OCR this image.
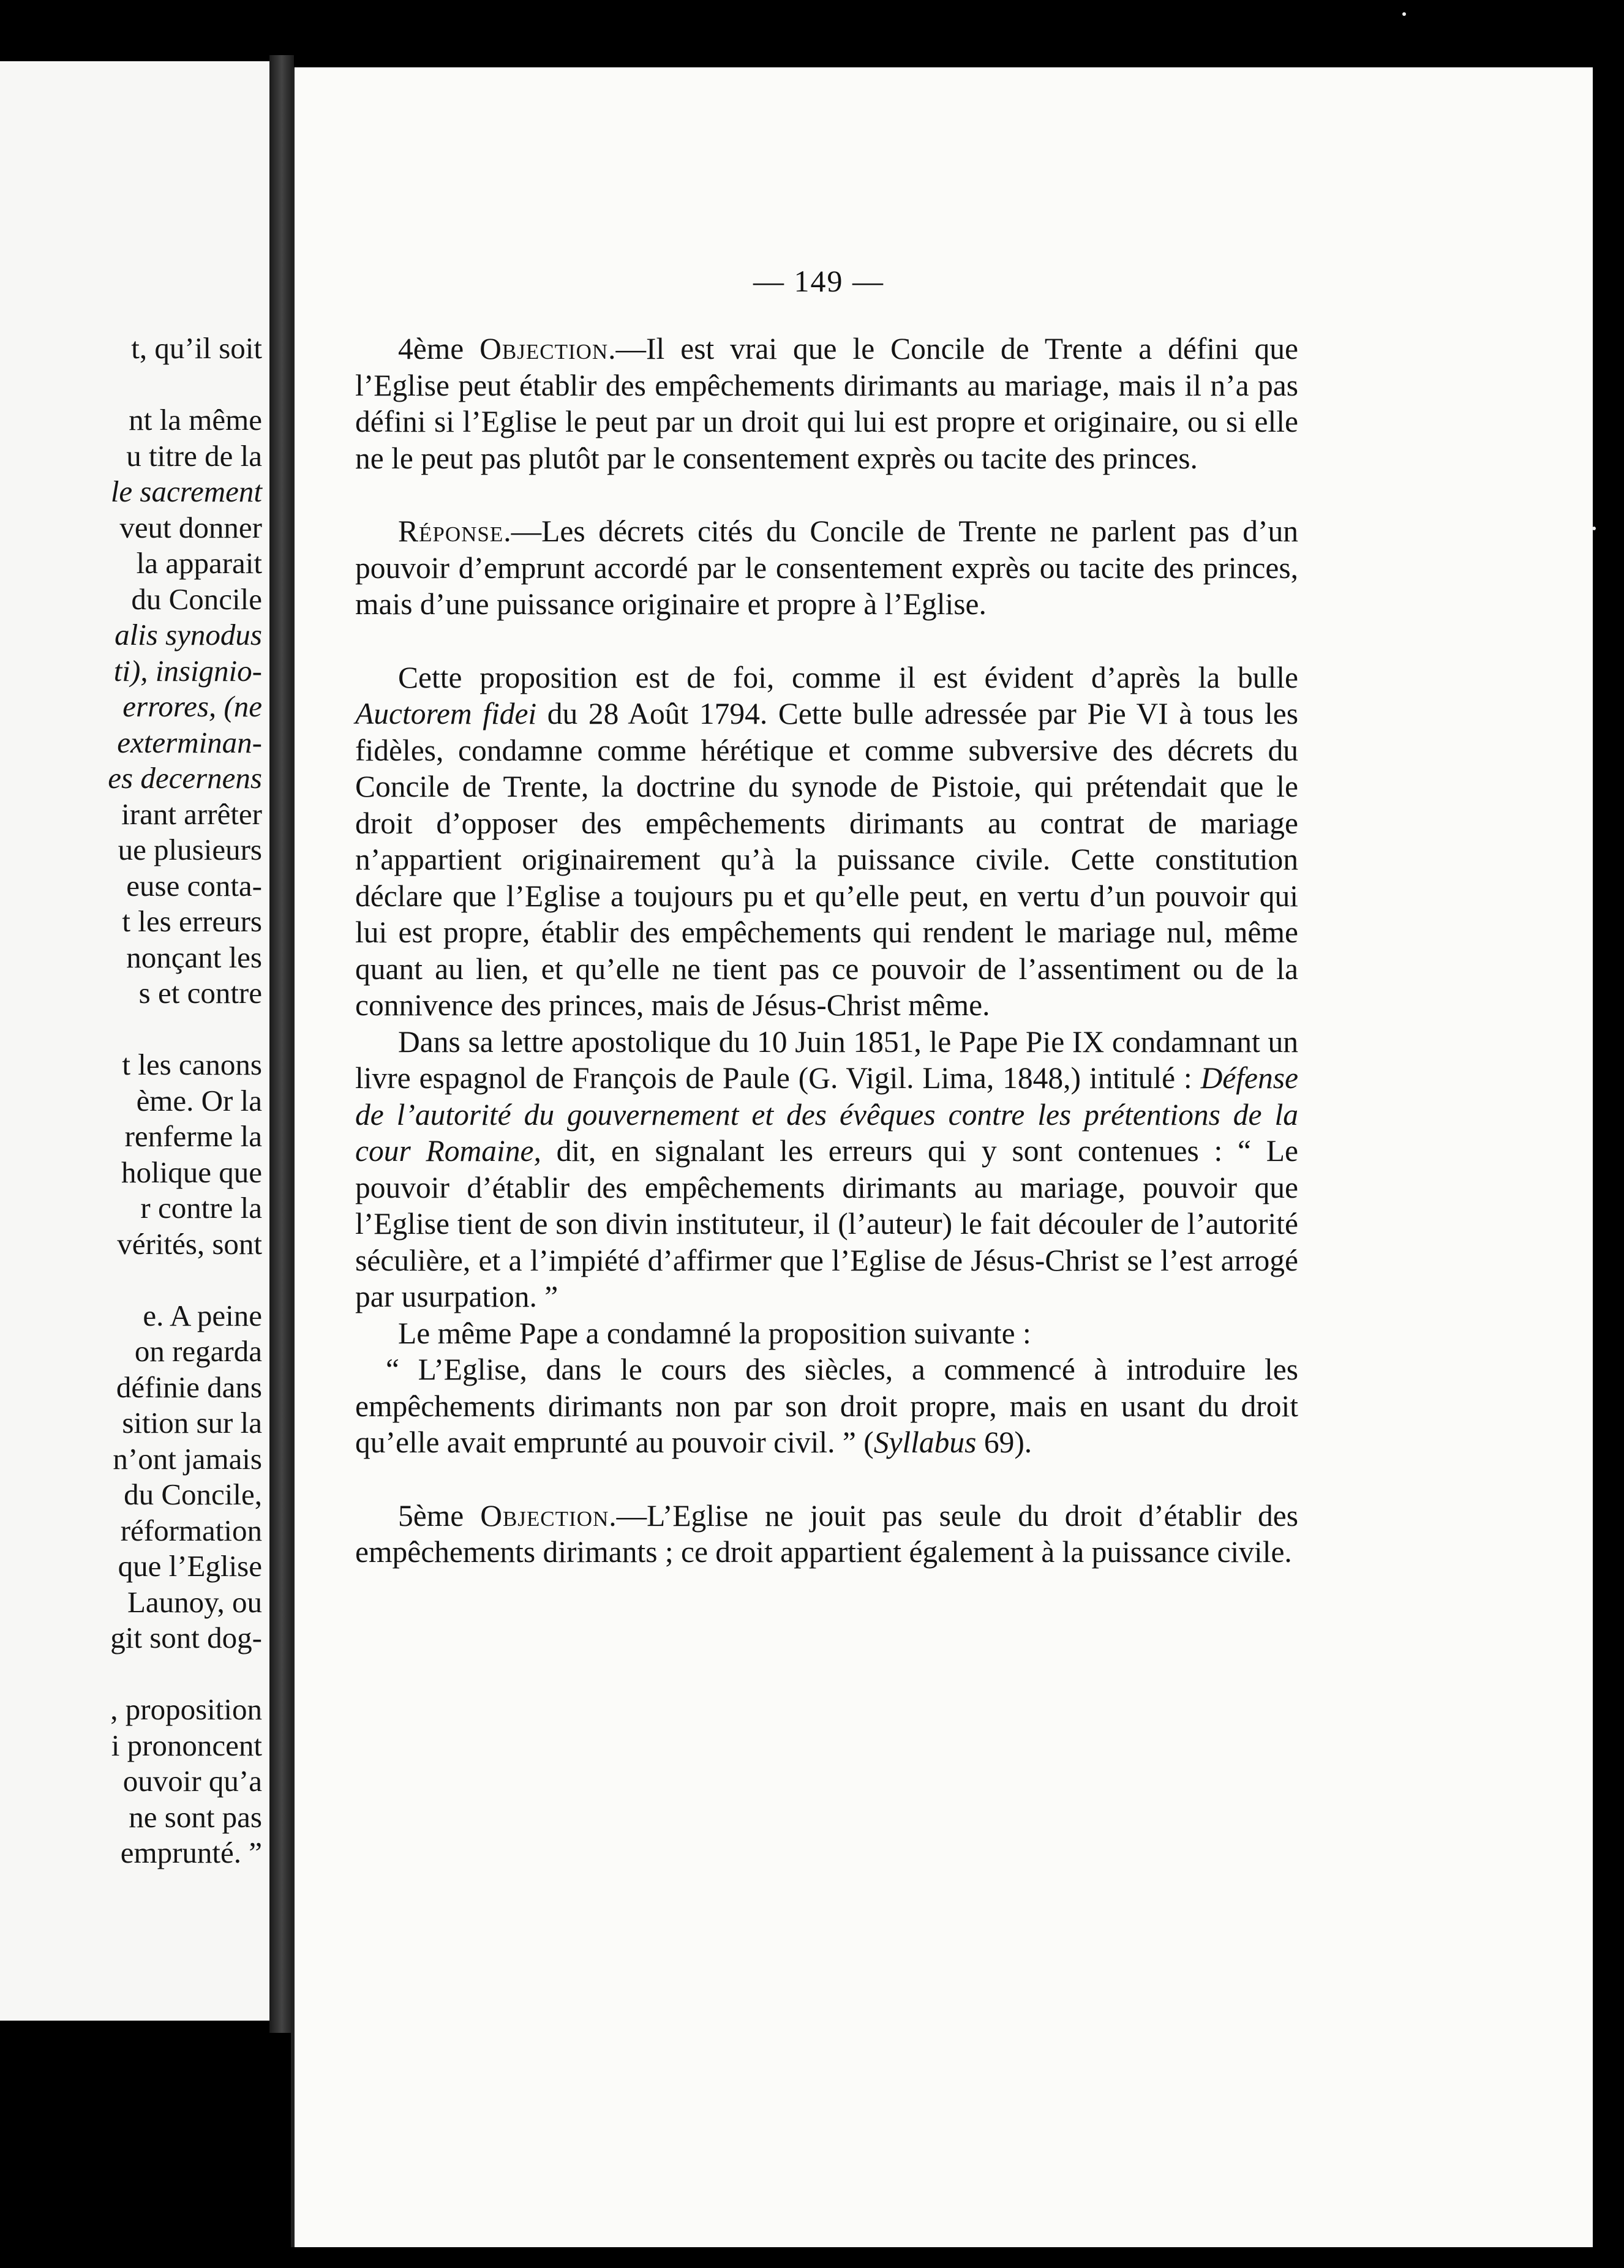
t, qu’il soit
nt la même
u titre de la
le sacrement
veut donner
la apparait
du Concile
alis synodus
ti), insignio-
errores, (ne
exterminan-
es decernens
irant arrêter
ue plusieurs
euse conta-
t les erreurs
nonçant les
s et contre
t les canons
ème. Or la
renferme la
holique que
r contre la
vérités, sont
e. A peine
on regarda
définie dans
sition sur la
n’ont jamais
du Concile,
réformation
que l’Eglise
Launoy, ou
git sont dog-
, proposition
i prononcent
ouvoir qu’a
ne sont pas
emprunté. ”
— 149 —

4ème Objection.—Il est vrai que le Concile de Trente a défini que l’Eglise peut établir des empêchements dirimants au mariage, mais il n’a pas défini si l’Eglise le peut par un droit qui lui est propre et originaire, ou si elle ne le peut pas plutôt par le consentement exprès ou tacite des princes.

Réponse.—Les décrets cités du Concile de Trente ne parlent pas d’un pouvoir d’emprunt accordé par le consentement exprès ou tacite des princes, mais d’une puissance originaire et propre à l’Eglise.

Cette proposition est de foi, comme il est évident d’après la bulle Auctorem fidei du 28 Août 1794. Cette bulle adressée par Pie VI à tous les fidèles, condamne comme hérétique et comme subversive des décrets du Concile de Trente, la doctrine du synode de Pistoie, qui prétendait que le droit d’opposer des empêchements dirimants au contrat de mariage n’appartient originairement qu’à la puissance civile. Cette constitution déclare que l’Eglise a toujours pu et qu’elle peut, en vertu d’un pouvoir qui lui est propre, établir des empêchements qui rendent le mariage nul, même quant au lien, et qu’elle ne tient pas ce pouvoir de l’assentiment ou de la connivence des princes, mais de Jésus-Christ même.

Dans sa lettre apostolique du 10 Juin 1851, le Pape Pie IX condamnant un livre espagnol de François de Paule (G. Vigil. Lima, 1848,) intitulé : Défense de l’autorité du gouvernement et des évêques contre les prétentions de la cour Romaine, dit, en signalant les erreurs qui y sont contenues : “ Le pouvoir d’établir des empêchements dirimants au mariage, pouvoir que l’Eglise tient de son divin instituteur, il (l’auteur) le fait découler de l’autorité séculière, et a l’impiété d’affirmer que l’Eglise de Jésus-Christ se l’est arrogé par usurpation. ”

Le même Pape a condamné la proposition suivante :

“ L’Eglise, dans le cours des siècles, a commencé à introduire les empêchements dirimants non par son droit propre, mais en usant du droit qu’elle avait emprunté au pouvoir civil. ” (Syllabus 69).

5ème Objection.—L’Eglise ne jouit pas seule du droit d’établir des empêchements dirimants ; ce droit appartient également à la puissance civile.
